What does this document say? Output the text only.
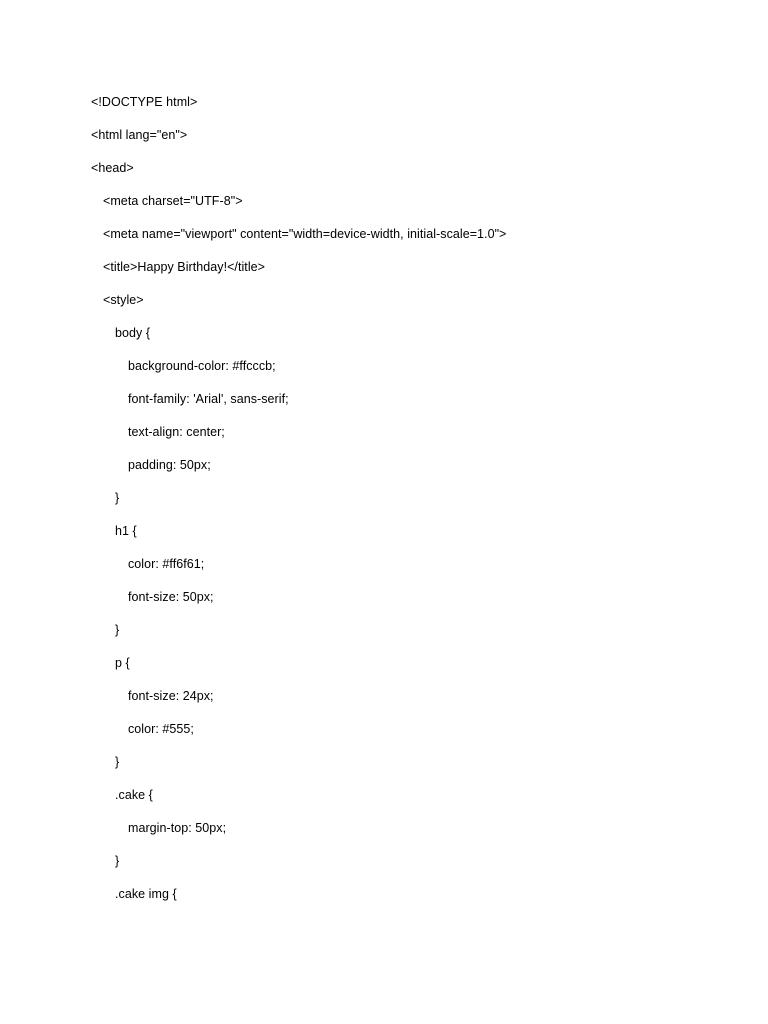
<!DOCTYPE html>
<html lang="en">
<head>
<meta charset="UTF-8">
<meta name="viewport" content="width=device-width, initial-scale=1.0">
<title>Happy Birthday!</title>
<style>
body {
background-color: #ffcccb;
font-family: 'Arial', sans-serif;
text-align: center;
padding: 50px;
}
h1 {
color: #ff6f61;
font-size: 50px;
}
p {
font-size: 24px;
color: #555;
}
.cake {
margin-top: 50px;
}
.cake img {
